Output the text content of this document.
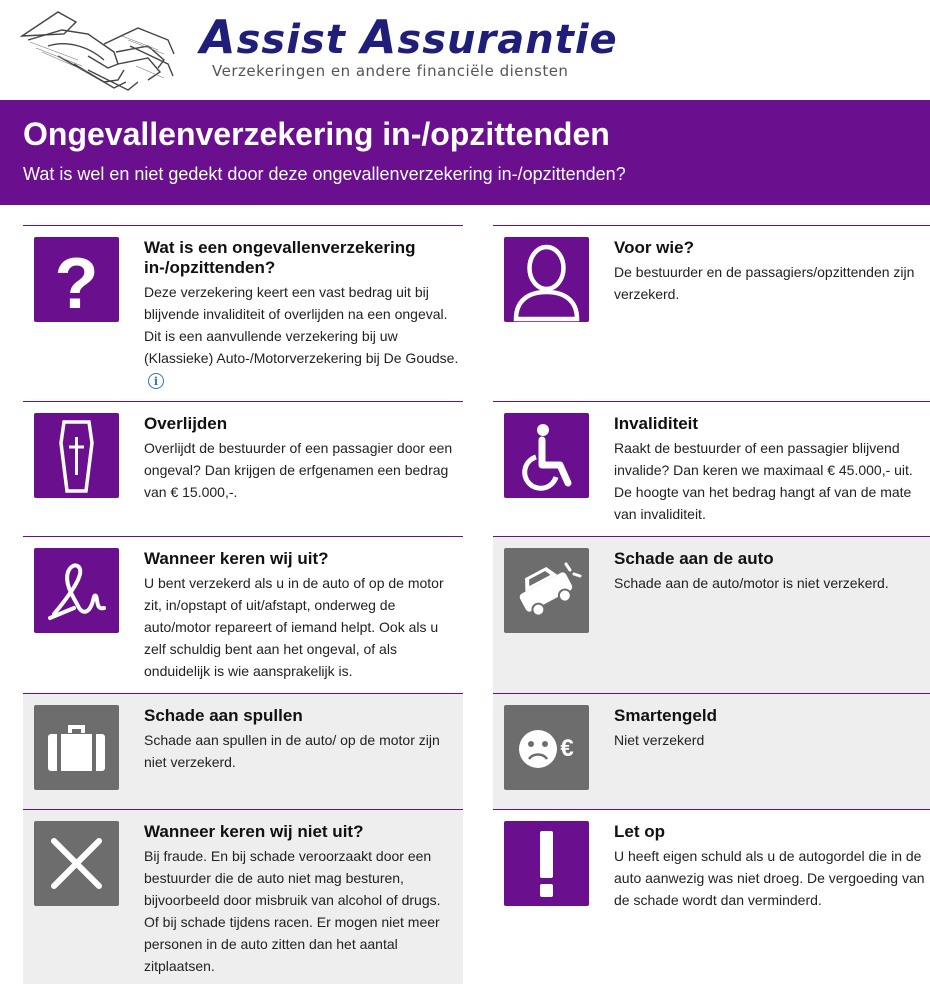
Assist Assurantie
Verzekeringen en andere financiële diensten
Ongevallenverzekering in-/opzittenden

Wat is wel en niet gedekt door deze ongevallenverzekering in-/opzittenden?

?	Wat is een ongevallenverzekering in-/opzittenden?
Deze verzekering keert een vast bedrag uit bij blijvende invaliditeit of overlijden na een ongeval. Dit is een aanvullende verzekering bij uw (Klassieke) Auto-/Motorverzekering bij De Goudse.i
Voor wie?
De bestuurder en de passagiers/opzittenden zijn verzekerd.
Overlijden
Overlijdt de bestuurder of een passagier door een ongeval? Dan krijgen de erfgenamen een bedrag van € 15.000,-.
Invaliditeit
Raakt de bestuurder of een passagier blijvend invalide? Dan keren we maximaal € 45.000,- uit. De hoogte van het bedrag hangt af van de mate van invaliditeit.
Wanneer keren wij uit?
U bent verzekerd als u in de auto of op de motor zit, in/opstapt of uit/afstapt, onderweg de auto/motor repareert of iemand helpt. Ook als u zelf schuldig bent aan het ongeval, of als onduidelijk is wie aansprakelijk is.
Schade aan de auto
Schade aan de auto/motor is niet verzekerd.
Schade aan spullen
Schade aan spullen in de auto/ op de motor zijn niet verzekerd.	€
Smartengeld
Niet verzekerd
Wanneer keren wij niet uit?
Bij fraude. En bij schade veroorzaakt door een bestuurder die de auto niet mag besturen, bijvoorbeeld door misbruik van alcohol of drugs. Of bij schade tijdens racen. Er mogen niet meer personen in de auto zitten dan het aantal zitplaatsen.
Let op
U heeft eigen schuld als u de autogordel die in de auto aanwezig was niet droeg. De vergoeding van de schade wordt dan verminderd.
